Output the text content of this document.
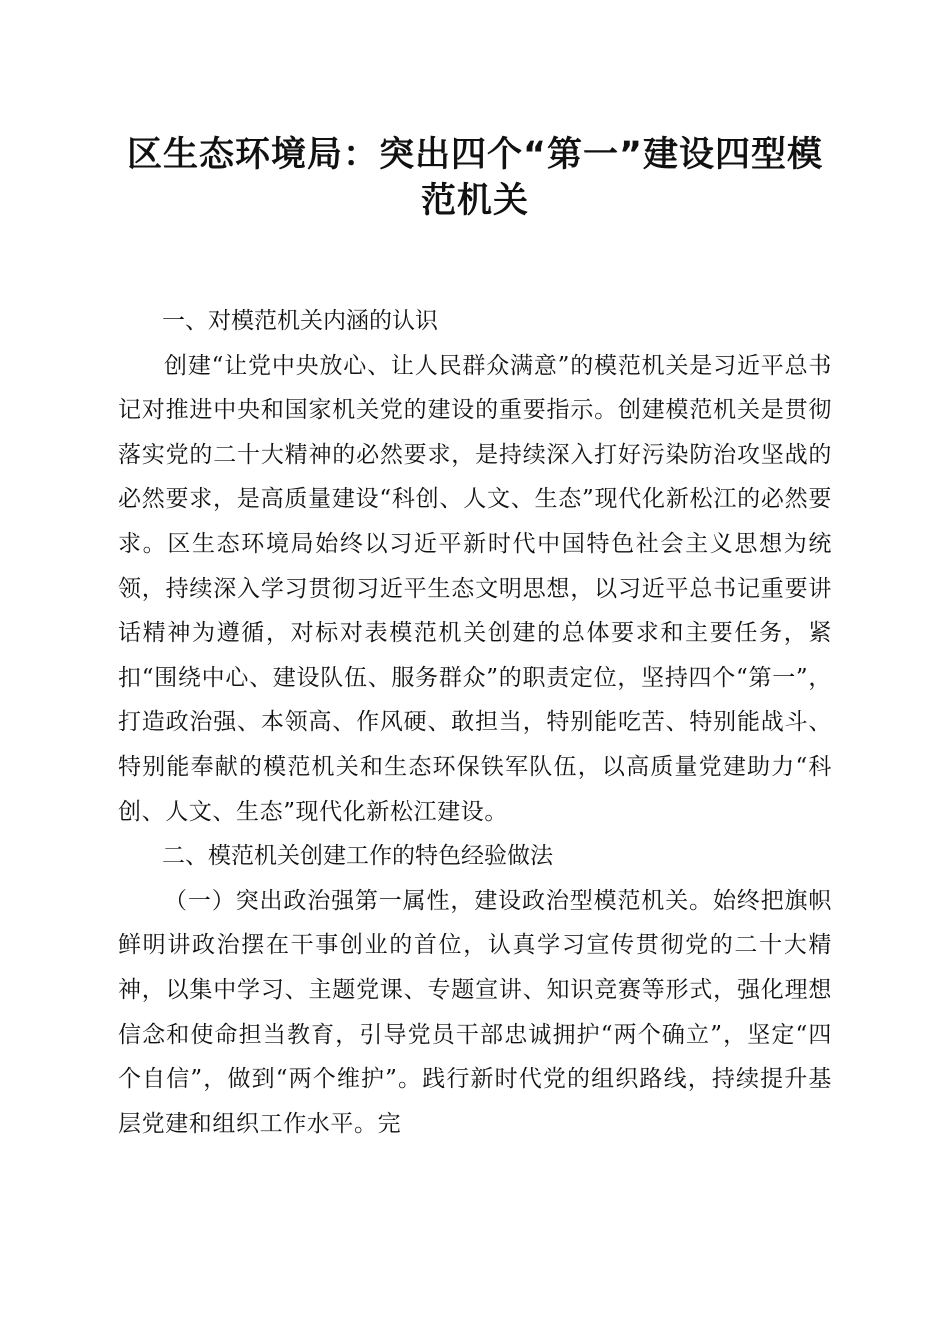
区生态环境局：突出四个“第一”建设四型模
范机关
一、对模范机关内涵的认识

创建“让党中央放心、让人民群众满意”的模范机关是习近平总书记对推进中央和国家机关党的建设的重要指示。创建模范机关是贯彻落实党的二十大精神的必然要求，是持续深入打好污染防治攻坚战的必然要求，是高质量建设“科创、人文、生态”现代化新松江的必然要求。区生态环境局始终以习近平新时代中国特色社会主义思想为统领，持续深入学习贯彻习近平生态文明思想，以习近平总书记重要讲话精神为遵循，对标对表模范机关创建的总体要求和主要任务，紧扣“围绕中心、建设队伍、服务群众”的职责定位，坚持四个“第一”，打造政治强、本领高、作风硬、敢担当，特别能吃苦、特别能战斗、特别能奉献的模范机关和生态环保铁军队伍，以高质量党建助力“科创、人文、生态”现代化新松江建设。

二、模范机关创建工作的特色经验做法

（一）突出政治强第一属性，建设政治型模范机关。始终把旗帜鲜明讲政治摆在干事创业的首位，认真学习宣传贯彻党的二十大精神，以集中学习、主题党课、专题宣讲、知识竞赛等形式，强化理想信念和使命担当教育，引导党员干部忠诚拥护“两个确立”，坚定“四个自信”，做到“两个维护”。践行新时代党的组织路线，持续提升基层党建和组织工作水平。完
